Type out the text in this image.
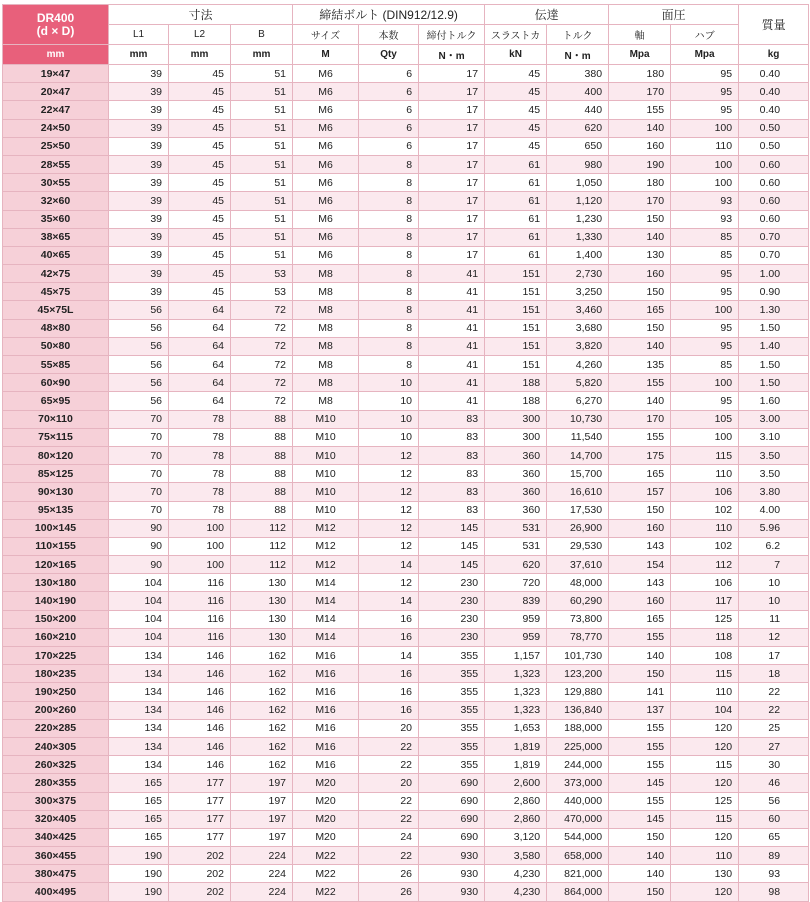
DR400
(d × D)	寸法			締結ボルト (DIN912/12.9)			伝達		面圧		質量
	L1	L2	B	サイズ	本数	締付トルク	スラストカ	トルク	軸	ハブ	
mm	mm	mm	mm	M	Qty	N・m	kN	N・m	Mpa	Mpa	kg
19×47	39	45	51	M6	6	17	45	380	180	95	0.40
20×47	39	45	51	M6	6	17	45	400	170	95	0.40
22×47	39	45	51	M6	6	17	45	440	155	95	0.40
24×50	39	45	51	M6	6	17	45	620	140	100	0.50
25×50	39	45	51	M6	6	17	45	650	160	110	0.50
28×55	39	45	51	M6	8	17	61	980	190	100	0.60
30×55	39	45	51	M6	8	17	61	1,050	180	100	0.60
32×60	39	45	51	M6	8	17	61	1,120	170	93	0.60
35×60	39	45	51	M6	8	17	61	1,230	150	93	0.60
38×65	39	45	51	M6	8	17	61	1,330	140	85	0.70
40×65	39	45	51	M6	8	17	61	1,400	130	85	0.70
42×75	39	45	53	M8	8	41	151	2,730	160	95	1.00
45×75	39	45	53	M8	8	41	151	3,250	150	95	0.90
45×75L	56	64	72	M8	8	41	151	3,460	165	100	1.30
48×80	56	64	72	M8	8	41	151	3,680	150	95	1.50
50×80	56	64	72	M8	8	41	151	3,820	140	95	1.40
55×85	56	64	72	M8	8	41	151	4,260	135	85	1.50
60×90	56	64	72	M8	10	41	188	5,820	155	100	1.50
65×95	56	64	72	M8	10	41	188	6,270	140	95	1.60
70×110	70	78	88	M10	10	83	300	10,730	170	105	3.00
75×115	70	78	88	M10	10	83	300	11,540	155	100	3.10
80×120	70	78	88	M10	12	83	360	14,700	175	115	3.50
85×125	70	78	88	M10	12	83	360	15,700	165	110	3.50
90×130	70	78	88	M10	12	83	360	16,610	157	106	3.80
95×135	70	78	88	M10	12	83	360	17,530	150	102	4.00
100×145	90	100	112	M12	12	145	531	26,900	160	110	5.96
110×155	90	100	112	M12	12	145	531	29,530	143	102	6.2
120×165	90	100	112	M12	14	145	620	37,610	154	112	7
130×180	104	116	130	M14	12	230	720	48,000	143	106	10
140×190	104	116	130	M14	14	230	839	60,290	160	117	10
150×200	104	116	130	M14	16	230	959	73,800	165	125	11
160×210	104	116	130	M14	16	230	959	78,770	155	118	12
170×225	134	146	162	M16	14	355	1,157	101,730	140	108	17
180×235	134	146	162	M16	16	355	1,323	123,200	150	115	18
190×250	134	146	162	M16	16	355	1,323	129,880	141	110	22
200×260	134	146	162	M16	16	355	1,323	136,840	137	104	22
220×285	134	146	162	M16	20	355	1,653	188,000	155	120	25
240×305	134	146	162	M16	22	355	1,819	225,000	155	120	27
260×325	134	146	162	M16	22	355	1,819	244,000	155	115	30
280×355	165	177	197	M20	20	690	2,600	373,000	145	120	46
300×375	165	177	197	M20	22	690	2,860	440,000	155	125	56
320×405	165	177	197	M20	22	690	2,860	470,000	145	115	60
340×425	165	177	197	M20	24	690	3,120	544,000	150	120	65
360×455	190	202	224	M22	22	930	3,580	658,000	140	110	89
380×475	190	202	224	M22	26	930	4,230	821,000	140	130	93
400×495	190	202	224	M22	26	930	4,230	864,000	150	120	98
